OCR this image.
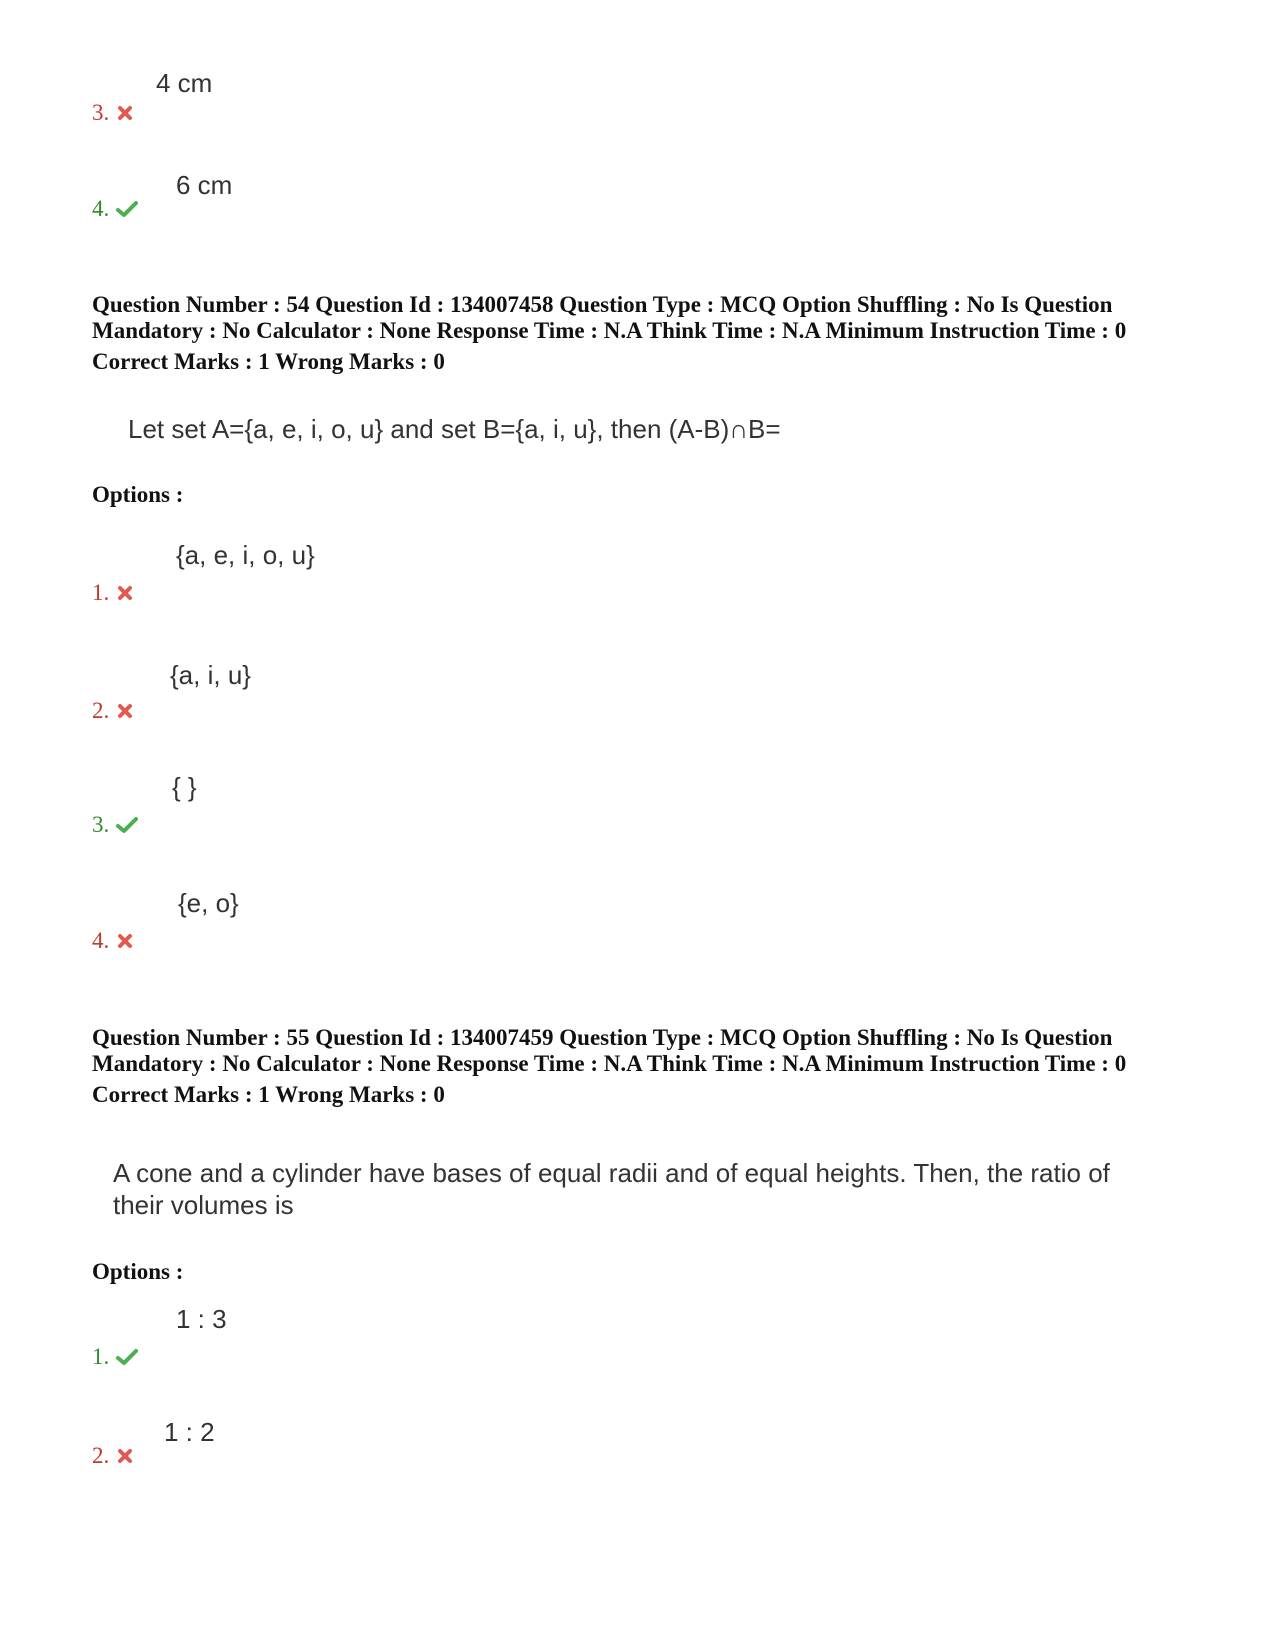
4 cm
3.
6 cm
4.
Question Number : 54 Question Id : 134007458 Question Type : MCQ Option Shuffling : No Is Question
Mandatory : No Calculator : None Response Time : N.A Think Time : N.A Minimum Instruction Time : 0
Correct Marks : 1 Wrong Marks : 0
Let set A={a, e, i, o, u} and set B={a, i, u}, then (A-B)∩B=
Options :
{a, e, i, o, u}
1.
{a, i, u}
2.
{ }
3.
{e, o}
4.
Question Number : 55 Question Id : 134007459 Question Type : MCQ Option Shuffling : No Is Question
Mandatory : No Calculator : None Response Time : N.A Think Time : N.A Minimum Instruction Time : 0
Correct Marks : 1 Wrong Marks : 0
A cone and a cylinder have bases of equal radii and of equal heights. Then, the ratio of
their volumes is
Options :
1 : 3
1.
1 : 2
2.
